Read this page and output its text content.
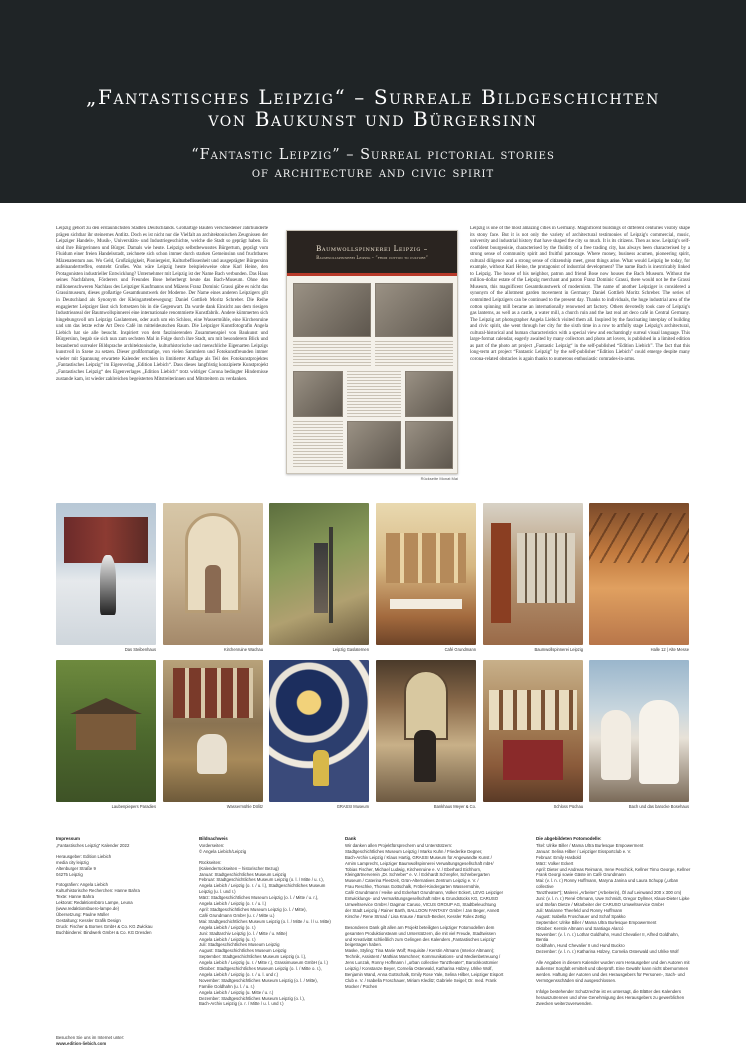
„Fantastisches Leipzig“ – Surreale Bildgeschichten
von Baukunst und Bürgersinn
“Fantastic Leipzig” – Surreal pictorial stories
of architecture and civic spirit

Leipzig gehört zu den erstaunlichsten Städten Deutschlands. Großartige Bauten verschiedener Jahrhunderte prägen sichtbar ihr steinernes Antlitz. Doch es ist nicht nur die Vielfalt an architektonischen Zeugnissen der Leipziger Handels-, Musik-, Universitäts- und Industriegeschichte, welche die Stadt so geprägt haben. Es sind ihre Bürgerinnen und Bürger. Damals wie heute. Leipzigs selbstbewusstes Bürgertum, geprägt vom Fluidum einer freien Handelsstadt, zeichnete sich schon immer durch starken Gemeinsinn und fruchtbares Mäzenatentum aus. Wo Geld, Großzügigkeit, Pioniergeist, Kulturbeflissenheit und ausgeprägter Bürgersinn aufeinandertreffen, entsteht Großes. Was wäre Leipzig heute beispielsweise ohne Karl Heine, den Protagonisten industrieller Entwicklung? Unternehmer mit Leipzig ist der Name Bach verbunden. Das Haus seines Nachfahren, Förderers und Freundes Bose beherbergt heute das Bach-Museum. Ohne den millionenschweren Nachlass des Leipziger Kaufmanns und Mäzens Franz Dominic Grassi gäbe es nicht das Grassimuseum, dieses großartige Gesamtkunstwerk der Moderne. Der Name eines anderen Leipzigers gilt in Deutschland als Synonym der Kleingartenbewegung: Daniel Gottlieb Moritz Schreber. Die Reihe engagierter Leipziger lässt sich fortsetzen bis in die Gegenwart. Da wurde dank Einsicht aus dem riesigen Industrieareal der Baumwollspinnerei eine internationale renommierte Kunstfabrik. Andere kümmerten sich hingebungsvoll um Leipzigs Gaslaternen, oder auch um ein Schloss, eine Wassermühle, eine Kirchenruine und um das letzte echte Art Deco Café im mitteldeutschen Raum. Die Leipziger Kunstfotografin Angela Liebich hat sie alle besucht. Inspiriert von dem faszinierenden Zusammenspiel von Baukunst und Bürgersinn, begab sie sich nun zum sechsten Mal in Folge durch ihre Stadt, um mit besonderem Blick und bezaubernd surrealer Bildsprache architektonische, kulturhistorische und menschliche Eigenarten Leipzigs kunstvoll in Szene zu setzen. Dieser großformatige, von vielen Sammlern und Fotokunstfreunden immer wieder mit Spannung erwartete Kalender erschien in limitierter Auflage als Teil des Fotokunstprojektes „Fantastisches Leipzig“ im Eigenverlag „Edition Liebich“. Dass dieses langfristig konzipierte Kunstprojekt „Fantastisches Leipzig“ des Eigenverlages „Edition Liebich“ trotz widriger Corona bedingter Hindernisse zustande kam, ist wieder zahlreichen begeisterten Mitstreiterinnen und Mitstreitern zu verdanken.

Baumwollspinnerei Leipzig –
Baumwollspinnerei Leipzig – “from cotton to culture”
Rückseite Monat Mai

Leipzig is one of the most amazing cities in Germany. Magnificent buildings of different centuries visibly shape its stony face. But it is not only the variety of architectural testimonies of Leipzig's commercial, music, university and industrial history that have shaped the city so much. It is its citizens. Then as now. Leipzig's self-confident bourgeoisie, characterised by the fluidity of a free trading city, has always been characterised by a strong sense of community spirit and fruitful patronage. Where money, business acumen, pioneering spirit, cultural diligence and a strong sense of citizenship meet, great things arise. What would Leipzig be today, for example, without Karl Heine, the protagonist of industrial development? The name Bach is inextricably linked to Leipzig. The house of his neighbor, patron and friend Bose now houses the Bach Museum. Without the million-dollar estate of the Leipzig merchant and patron Franz Dominic Grassi, there would not be the Grassi Museum, this magnificent Gesamtkunstwerk of modernism. The name of another Leipziger is considered a synonym of the allotment garden movement in Germany: Daniel Gottlieb Moritz Schreber. The series of committed Leipzigers can be continued to the present day. Thanks to individuals, the huge industrial area of the cotton spinning mill became an internationally renowned art factory. Others devotedly took care of Leipzig's gas lanterns, as well as a castle, a water mill, a church ruin and the last real art deco café in Central Germany. The Leipzig art photographer Angela Liebich visited them all. Inspired by the fascinating interplay of building and civic spirit, she went through her city for the sixth time in a row to artfully stage Leipzig's architectural, cultural-historical and human characteristics with a special view and enchantingly surreal visual language. This large-format calendar, eagerly awaited by many collectors and photo art lovers, is published in a limited edition as part of the photo art project „Fantastic Leipzig“ in the self-published “Edition Liebich”. The fact that this long-term art project “Fantastic Leipzig” by the self-publisher “Edition Liebich” could emerge despite many corona-related obstacles is again thanks to numerous enthusiastic comrades-in-arms.

Das Steibenhaus	Kirchenruine Wachau	Leipzig Gaslaternen	Café Grundmann	Baumwollspinnerei Leipzig	Halle 12 | Alte Messe
Laubenpiepers Paradies	Wassermühle Dölitz	GRASSI Museum	Bankhaus Meyer & Co.	Schloss Püchau	Bach und das barocke Bosehaus
Impressum
„Fantastisches Leipzig“ Kalender 2022
Herausgeber: Edition Liebich
media city leipzig
Altenburger Straße 9
04275 Leipzig
Fotografien: Angela Liebich
Kulturhistorische Recherchen: Hanne Bahra
Texte: Hanne Bahra
Lektorat: Redaktionsbüro Lampe, Leuna
(www.redaktionsbuero-lampe.de)
Übersetzung: Paulne Müller
Gestaltung: Kessler Grafik Design
Druck: Fischer & Bornes GmbH & Co. KG Zwickau
Buchbinderei: Bindwerk GmbH & Co. KG Dresden
Besuchen Sie uns im Internet unter:
www.edition-liebich.com
Bildnachweis
Vorderseiten:
© Angela Liebich/Leipzig
Rückseiten:
(Kalenderrückseiten – historischer Bezug)
Januar: Stadtgeschichtliches Museum Leipzig
Februar: Stadtgeschichtliches Museum Leipzig (o. l. / Mitte / u. r.),
Angela Liebich / Leipzig (o. r. / u. l.), Stadtgeschichtliches Museum
Leipzig (u. l. und r.)
März: Stadtgeschichtliches Museum Leipzig (o. l. / Mitte / u. r.),
Angela Liebich / Leipzig (o. r. / u. l.)
April: Stadtgeschichtliches Museum Leipzig (o. l. / Mitte),
Café Grundmann GmbH (u. r. / Mitte u.)
Mai: Stadtgeschichtliches Museum Leipzig (o. l. / Mitte / u. l / u. Mitte)
Angela Liebich / Leipzig (o. r.)
Juni: Stadtarchiv Leipzig (o. l. / Mitte / u. Mitte)
Angela Liebich / Leipzig (u. r.)
Juli: Stadtgeschichtliches Museum Leipzig
August: Stadtgeschichtliches Museum Leipzig
September: Stadtgeschichtliches Museum Leipzig (o. l.),
Angela Liebich / Leipzig (u. r. / Mitte r.), Grassimuseum GmbH (u. l.)
Oktober: Stadtgeschichtliches Museum Leipzig (o. l. / Mitte o. r.),
Angela Liebich / Leipzig (o. r. / u. l. und r.)
November: Stadtgeschichtliches Museum Leipzig (o. l. / Mitte),
Familie Goldhahn (u. l. / u. r.)
Angela Liebich / Leipzig (u. Mitte / u. r.)
Dezember: Stadtgeschichtliches Museum Leipzig (o. l.),
Bach-Archiv Leipzig (o. r. / Mitte / u. l. und r.)
Dank
Wir danken allen Projektfürsprechern und Unterstützern:
Stadtgeschichtliches Museum Leipzig / Marko Kuhn / Friederike Degner,
Bach-Archiv Leipzig / Klaus Hartig, GRASSI Museum für Angewandte Kunst /
Arnim Lamprecht, Leipziger Baumwollspinnerei Verwaltungsgesellschaft mbH/
Tobias Fischer, Michael Ludwig, Kirchenruine e. V. / Eberhard Eichhorn,
Kleingärtnerverein „Dr. Schreber“ e. V. / Eckhardt Schrepfer, Schrebergarten
Museum / Caterina Fleetzeit, Grün-Alternatives Zentrum Leipzig e. V. /
Frau Reschke, Thomas Gottschalk, Fröbel-Kindergarten Wassermühle,
Café Grundmann / Heike und Eckehart Grundmann, Volker Eckert, LEVG Leipziger
Entwicklungs- und Vermarktungsgesellschaft mbH & Grundstücks KG, CARUSO
Umweltservice GmbH / Dagmar Caruso, VICUS GROUP AG, Stadtbeleuchtung
der Stadt Leipzig / Rainer Barth, BALLOON FANTASY GmbH / Jan Beger, Annett
Kirsche / Rene Strnad / Lisa Krause / Barsch-Becker, Kessler Rolex Zettig
Besonderen Dank gilt allen am Projekt beteiligten Leipziger Fotomodellen dem
gesamten Produktionsteam und Unterstützern, die mit viel Freude, Stadtwissen
und Kreativität schließlich zum Gelingen des Kalenders „Fantastisches Leipzig“
beigetragen haben.
Maske, Styling: Tina Marie Wolf; Requisite / Kerstin Altmann (Interior Altmann);
Technik, Assistent / Mathias Marschner; Kommunikations- und Medienbetreuung /
Jens Lunzak, Ronny Hoffmann / „urban collective Tanztheater“, Barockkostümier
Leipzig / Konstanze Beyer, Cornelia Osterwald, Katharina Hülzey, Ulrike Wolf,
Benjamin Wand, Anna Gottschalk, Emily Rose Yale, Selina Hilber, Leipziger Eisport
Club e. V. / Isabella Froschauer, Miriam Kleditz; Gabriele Seigel; Dr. med. Frank
Mocker / Püchen
Die abgebildeten Fotomodelle:
Titel: Ulrike Biller / Mama Ultra Burlesque Empowerment
Januar: Selina Hilber / Leipziger Eissportclub e. V.
Februar: Emily Hasbold
März: Volker Eckert
April: Dieter und Andreas Reimann, Irene Peschick, Kellner Timo George, Kellner
Frank Georgi sowie Gäste im Café Grundmann
Mai: (v. l. n. r.) Ronny Hoffmann, Maryna Janina und Laura Schupp („urban collective
Tanztheater“); Malerei „Arbeiter“ (Arbeiterin), Öl auf Leinwand 200 x 300 cm)
Juni: (v. l. n. r.) René Ohmann, Uwe Schmidt, Gregor Dyllmer, Klaus-Dieter Lipke
und Stefan Dietze / Mitarbeiter der CARUSO Umweltservice GmbH
Juli: Marianne Theefeld und Ronny Hoffmann
August: Isabella Froschauer und Schaf Spakko
September: Ulrike Biller / Mama Ultra Burlesque Empowerment
Oktober: Kerstin Altmann und Santiago Alarcó
November: (v. l. n. r.) Lothar Goldhahn, Hund Chevalier II, Alfred Goldhahn, Bentia
Goldhahn, Hund Chevalier II und Hund Buckro
Dezember: (v. l. n. r.) Katharina Hülzey, Cornelia Osterwald und Ulrike Wolf
Alle Angaben in diesem Kalender wurden vom Herausgeber und den Autoren mit
äußerster Sorgfalt ermittelt und überprüft. Eine Gewähr kann nicht übernommen
werden. Haftung der Autoren und des Herausgebers für Personen-, Sach- und
Vermögensschäden sind ausgeschlossen.
Infolge bestehender Schutzrechte ist es untersagt, die Blätter des Kalenders
herauszutrennen und ohne Genehmigung des Herausgebers zu gewerblichen
Zwecken weiterzuverwenden.
